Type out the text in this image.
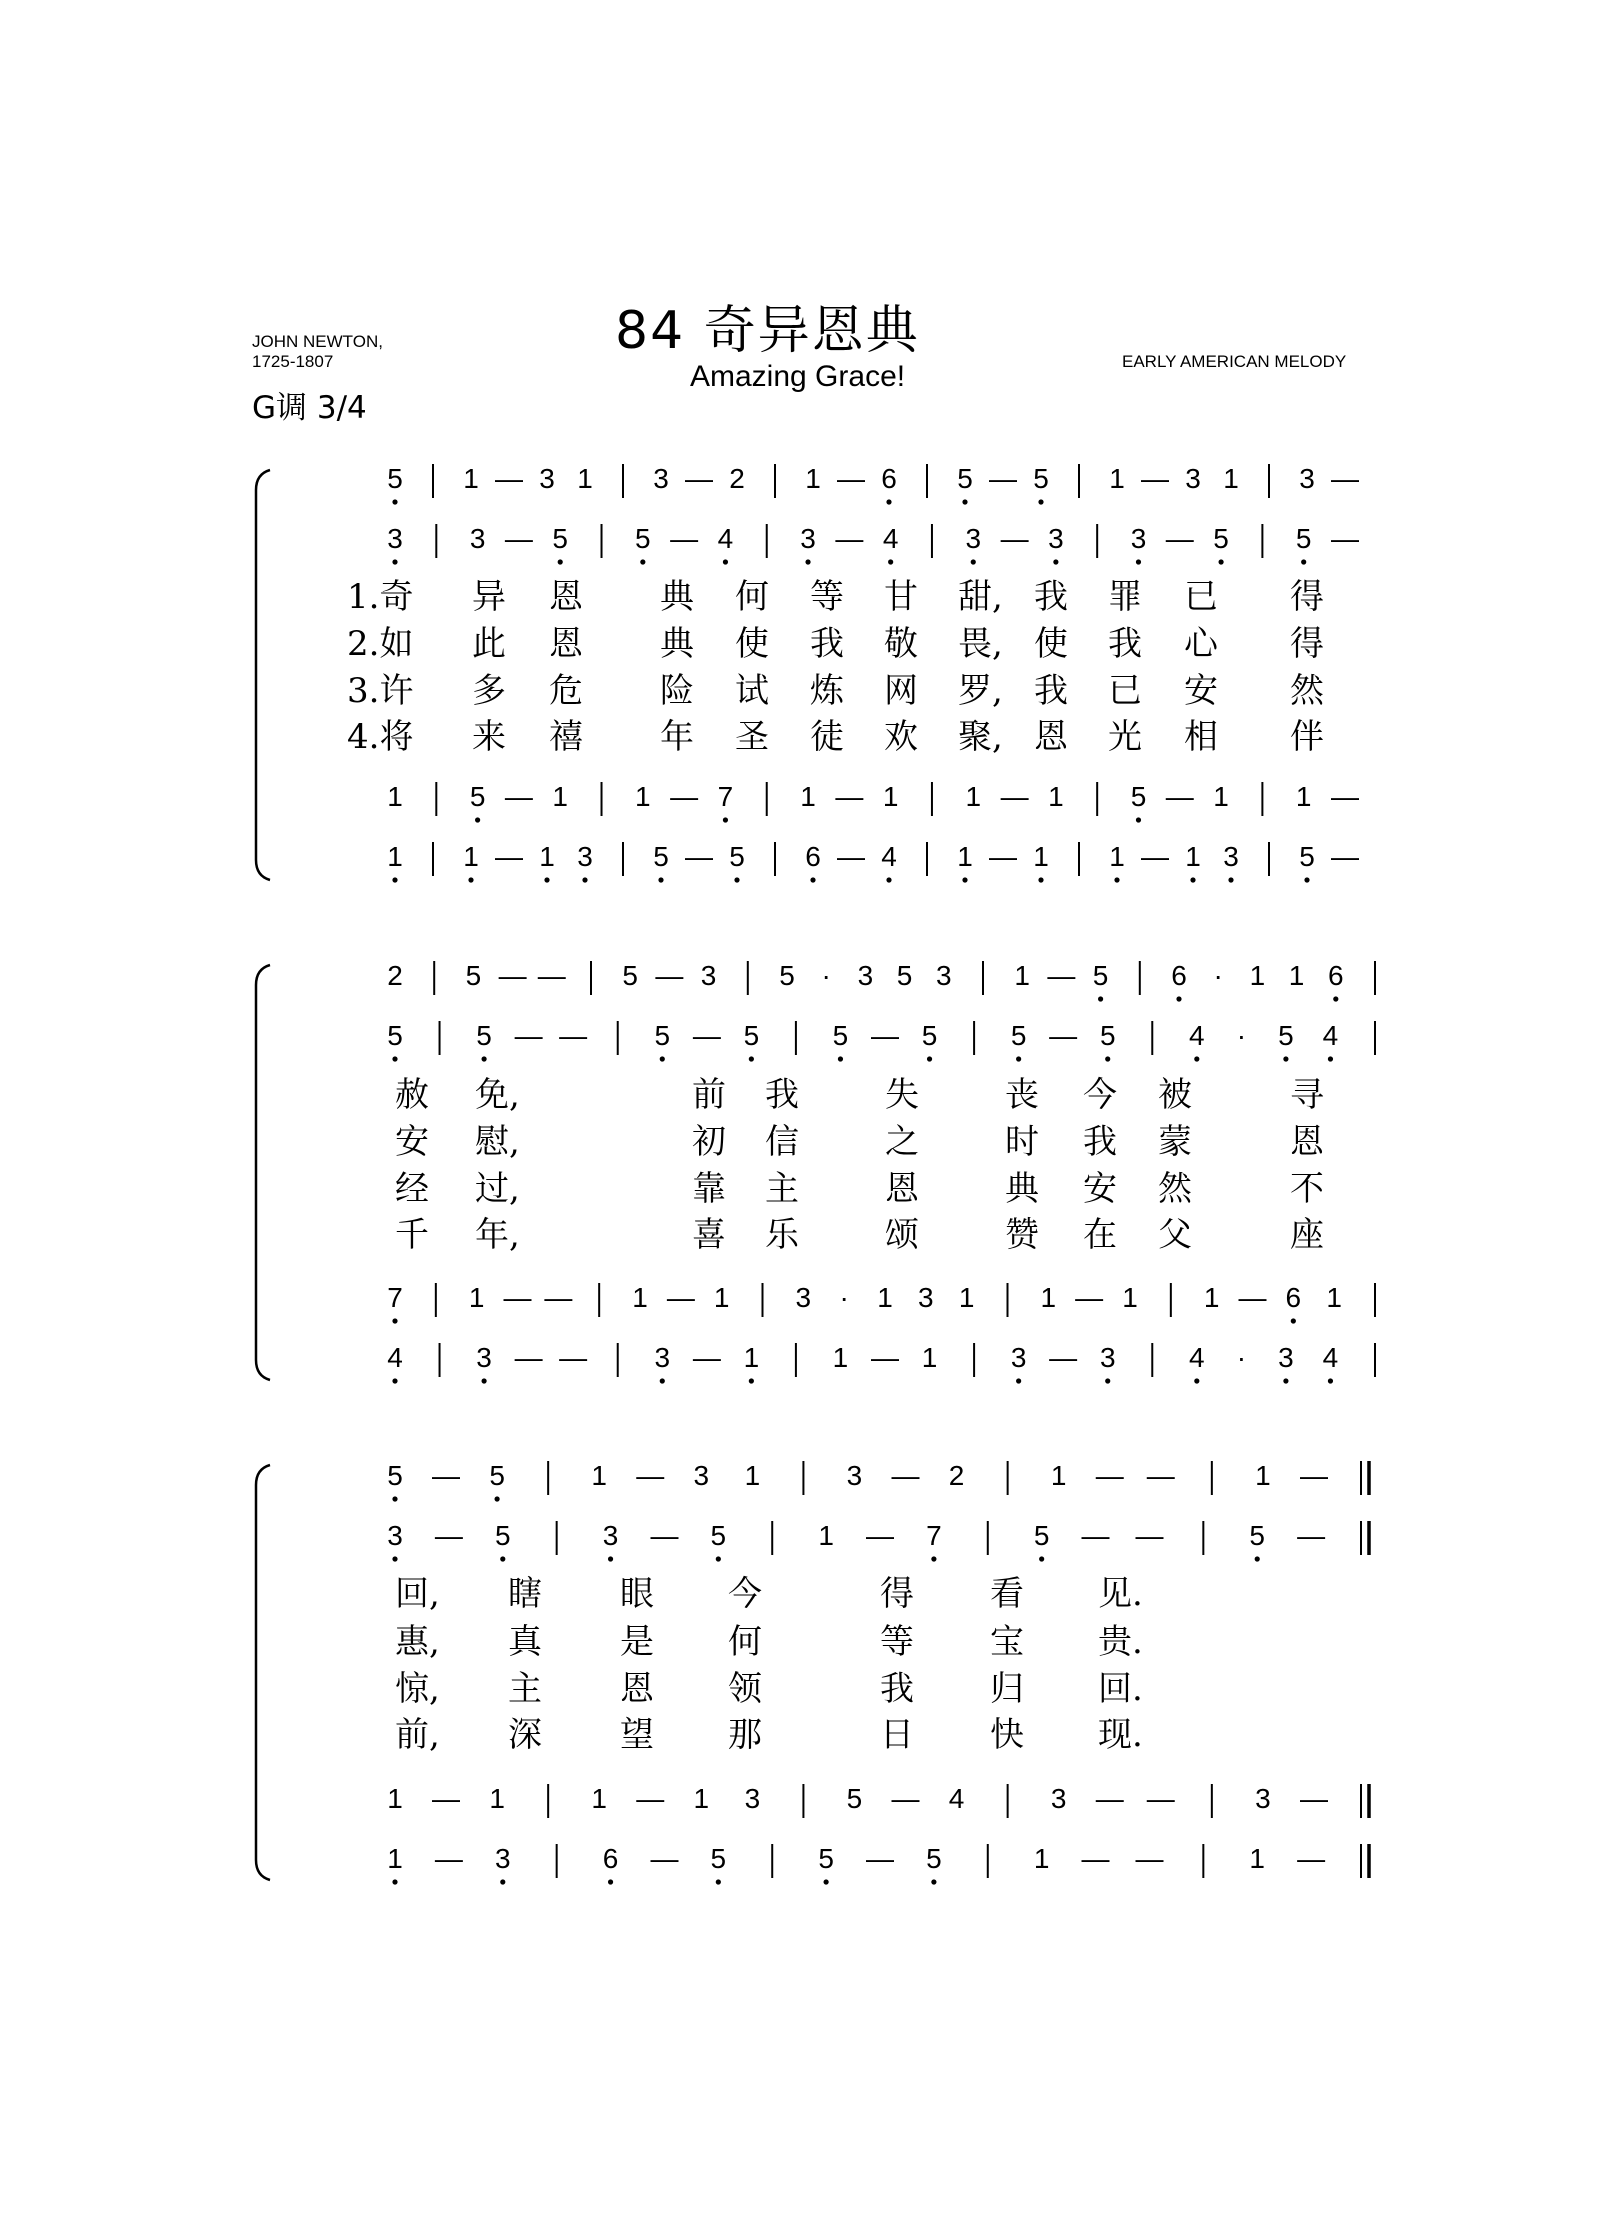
84 奇异恩典
Amazing Grace!
JOHN NEWTON,
1725-1807	EARLY AMERICAN MELODY
G调 3/4
5 1 — 3 1 3 — 2 1 — 6 5 — 5 1 — 3 1 3 —
3 3 — 5 5 — 4 3 — 4 3 — 3 3 — 5 5 —
1 5 — 1 1 — 7 1 — 1 1 — 1 5 — 1 1 —
1 1 — 1 3 5 — 5 6 — 4 1 — 1 1 — 1 3 5 —
1.奇 异 恩 典 何 等 甘 甜, 我 罪 已 得
2.如 此 恩 典 使 我 敬 畏, 使 我 心 得
3.许 多 危 险 试 炼 网 罗, 我 已 安 然
4.将 来 禧 年 圣 徒 欢 聚, 恩 光 相 伴
2 5 — — 5 — 3 5 · 3 5 3 1 — 5 6 · 1 1 6
5	5 — — 5 — 5	5 — 5	5 — 5	4 · 5 4
7 1 — — 1 — 1 3 · 1 3 1 1 — 1 1 — 6 1
4	3 — — 3 — 1	1 — 1	3 — 3	4 · 3 4
赦 免,	前 我	失	丧 今 被	寻
安 慰,	初 信	之	时 我 蒙	恩
经 过,	靠 主	恩	典 安 然	不
千 年,	喜 乐	颂	赞 在 父	座
5 — 5	1 — 3 1	3 — 2	1 — —	1 —
3 — 5	3 — 5	1 — 7	5 — —	5 —
1 — 1	1 — 1 3	5 — 4	3 — —	3 —
1 — 3	6 — 5	5 — 5	1 — —	1 —
回, 瞎 眼 今	得 看 见.
惠, 真 是 何	等 宝 贵.
惊, 主 恩 领	我 归 回.
前, 深 望 那	日 快 现.
